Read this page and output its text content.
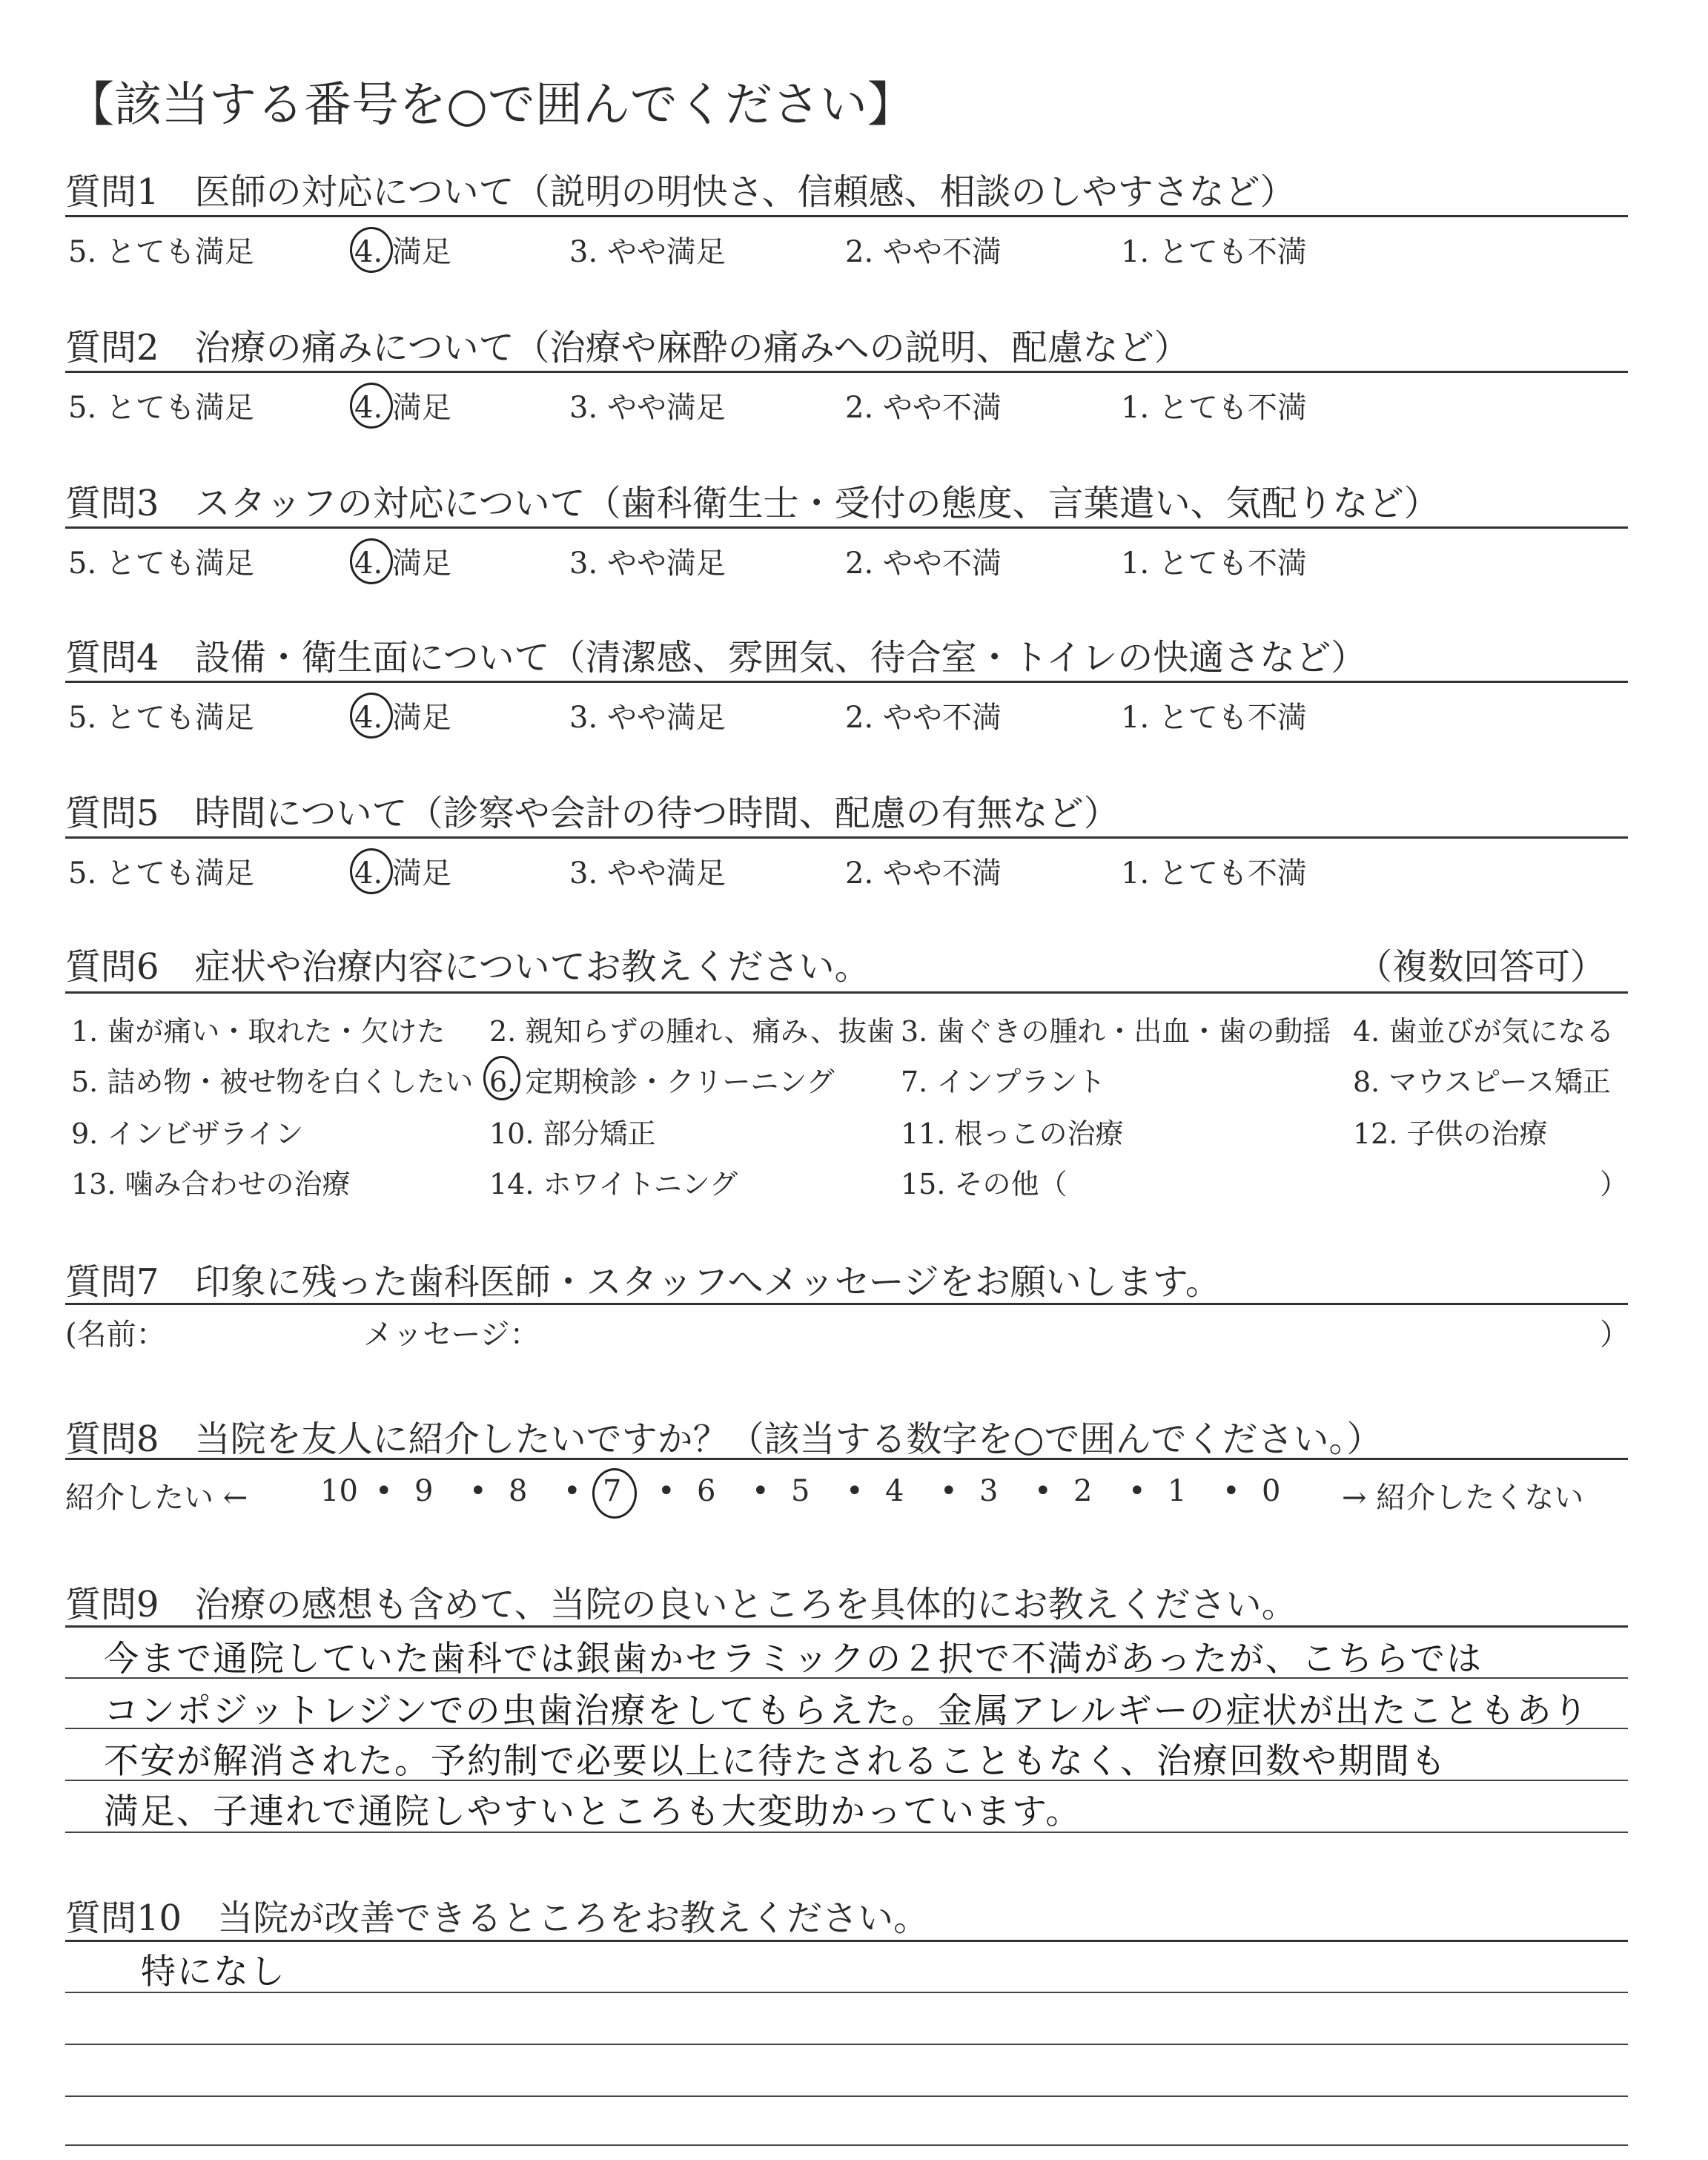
【該当する番号を○で囲んでください】
質問1　 医師の対応について（説明の明快さ、信頼感、相談のしやすさなど）
5. とても満足	4. 満足	3. やや満足	2. やや不満	1. とても不満
質問2　 治療の痛みについて（治療や麻酔の痛みへの説明、配慮など）
5. とても満足	4. 満足	3. やや満足	2. やや不満	1. とても不満
質問3　 スタッフの対応について（歯科衛生士・受付の態度、言葉遣い、気配りなど）
5. とても満足	4. 満足	3. やや満足	2. やや不満	1. とても不満
質問4　 設備・衛生面について（清潔感、雰囲気、待合室・トイレの快適さなど）
5. とても満足	4. 満足	3. やや満足	2. やや不満	1. とても不満
質問5　 時間について（診察や会計の待つ時間、配慮の有無など）
5. とても満足	4. 満足	3. やや満足	2. やや不満	1. とても不満
質問6　 症状や治療内容についてお教えください。	（複数回答可）
1. 歯が痛い・取れた・欠けた 2. 親知らずの腫れ、痛み、抜歯 3. 歯ぐきの腫れ・出血・歯の動揺 4. 歯並びが気になる
5. 詰め物・被せ物を白くしたい 6. 定期検診・クリーニング 7. インプラント	8. マウスピース矯正
9. インビザライン	10. 部分矯正	11. 根っこの治療	12. 子供の治療
13. 噛み合わせの治療	14. ホワイトニング	15. その他（	）
質問7　 印象に残った歯科医師・スタッフへメッセージをお願いします。
(名前：	メッセージ：	）
質問8　 当院を友人に紹介したいですか？（該当する数字を○で囲んでください。）
紹介したい ←	→ 紹介したくない
10 • 9 • 8 • 7 • 6 • 5 • 4 • 3 • 2 • 1 • 0
質問9　 治療の感想も含めて、当院の良いところを具体的にお教えください。
今まで通院していた歯科では銀歯かセラミックの２択で不満があったが、こちらでは
コンポジットレジンでの虫歯治療をしてもらえた。金属アレルギーの症状が出たこともあり
不安が解消された。予約制で必要以上に待たされることもなく、治療回数や期間も
満足、子連れで通院しやすいところも大変助かっています。
質問10　 当院が改善できるところをお教えください。
特になし
